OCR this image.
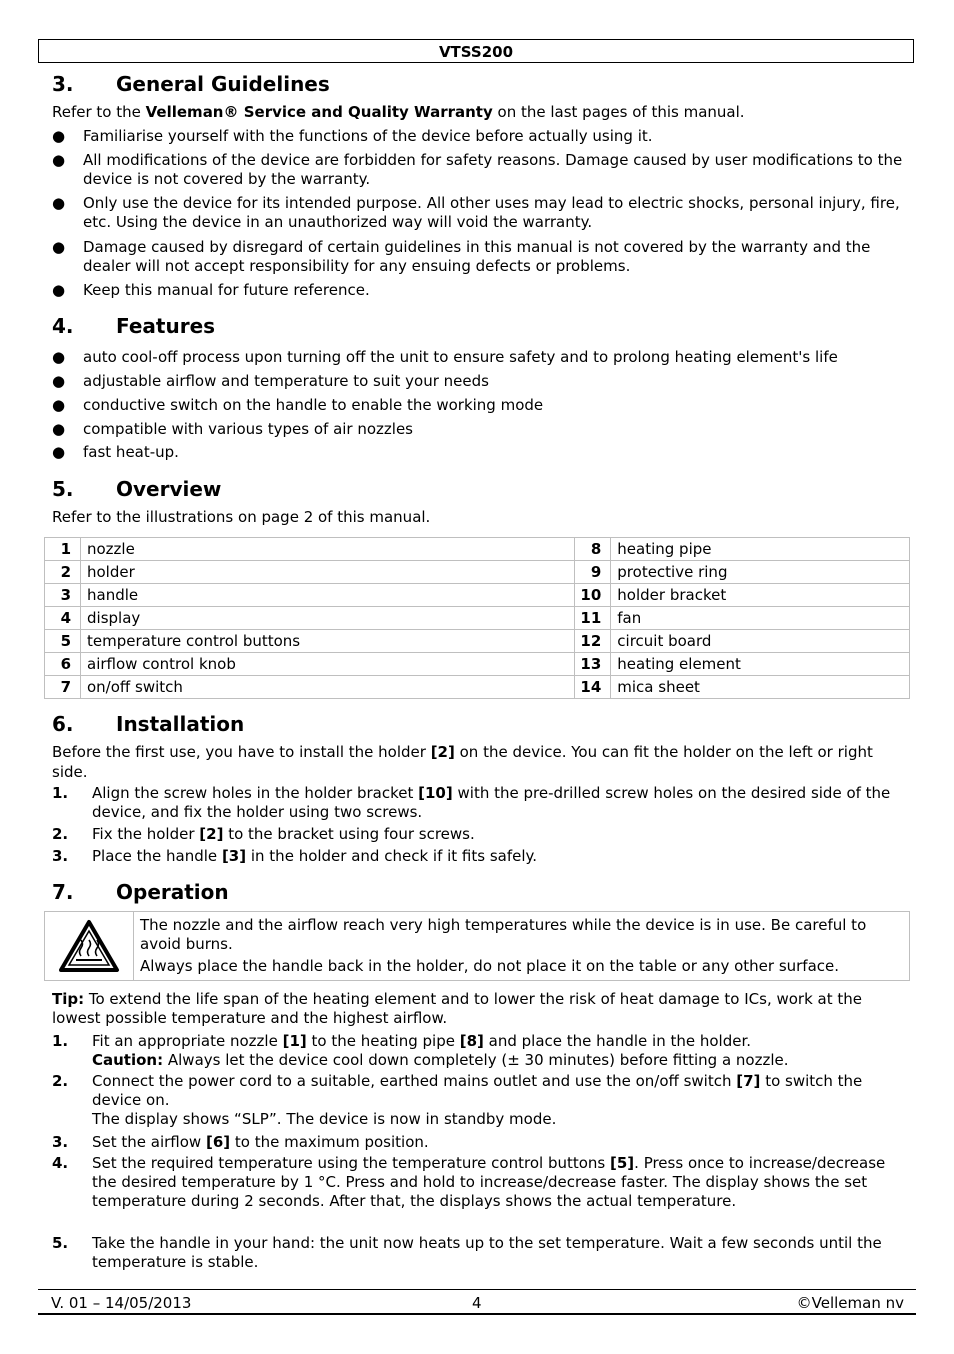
VTSS200
3. General Guidelines
Refer to the Velleman® Service and Quality Warranty on the last pages of this manual.
●	Familiarise yourself with the functions of the device before actually using it.
●	All modifications of the device are forbidden for safety reasons. Damage caused by user modifications to the device is not covered by the warranty.
●	Only use the device for its intended purpose. All other uses may lead to electric shocks, personal injury, fire, etc. Using the device in an unauthorized way will void the warranty.
●	Damage caused by disregard of certain guidelines in this manual is not covered by the warranty and the dealer will not accept responsibility for any ensuing defects or problems.
●	Keep this manual for future reference.
4. Features
●	auto cool-off process upon turning off the unit to ensure safety and to prolong heating element's life
●	adjustable airflow and temperature to suit your needs
●	conductive switch on the handle to enable the working mode
●	compatible with various types of air nozzles
●	fast heat-up.
5. Overview
Refer to the illustrations on page 2 of this manual.
1	nozzle	8	heating pipe
2	holder	9	protective ring
3	handle	10	holder bracket
4	display	11	fan
5	temperature control buttons	12	circuit board
6	airflow control knob	13	heating element
7	on/off switch	14	mica sheet
6. Installation
Before the first use, you have to install the holder [2] on the device. You can fit the holder on the left or right side.
1. Align the screw holes in the holder bracket [10] with the pre-drilled screw holes on the desired side of the device, and fix the holder using two screws.
2. Fix the holder [2] to the bracket using four screws.
3. Place the handle [3] in the holder and check if it fits safely.
7. Operation
The nozzle and the airflow reach very high temperatures while the device is in use. Be careful to avoid burns.
Always place the handle back in the holder, do not place it on the table or any other surface.
Tip: To extend the life span of the heating element and to lower the risk of heat damage to ICs, work at the lowest possible temperature and the highest airflow.
1. Fit an appropriate nozzle [1] to the heating pipe [8] and place the handle in the holder.
Caution: Always let the device cool down completely (± 30 minutes) before fitting a nozzle.
2. Connect the power cord to a suitable, earthed mains outlet and use the on/off switch [7] to switch the device on.
The display shows “SLP”. The device is now in standby mode.
3. Set the airflow [6] to the maximum position.
4. Set the required temperature using the temperature control buttons [5]. Press once to increase/decrease the desired temperature by 1 °C. Press and hold to increase/decrease faster. The display shows the set temperature during 2 seconds. After that, the displays shows the actual temperature.
5. Take the handle in your hand: the unit now heats up to the set temperature. Wait a few seconds until the temperature is stable.
V. 01 – 14/05/2013	4	©Velleman nv
